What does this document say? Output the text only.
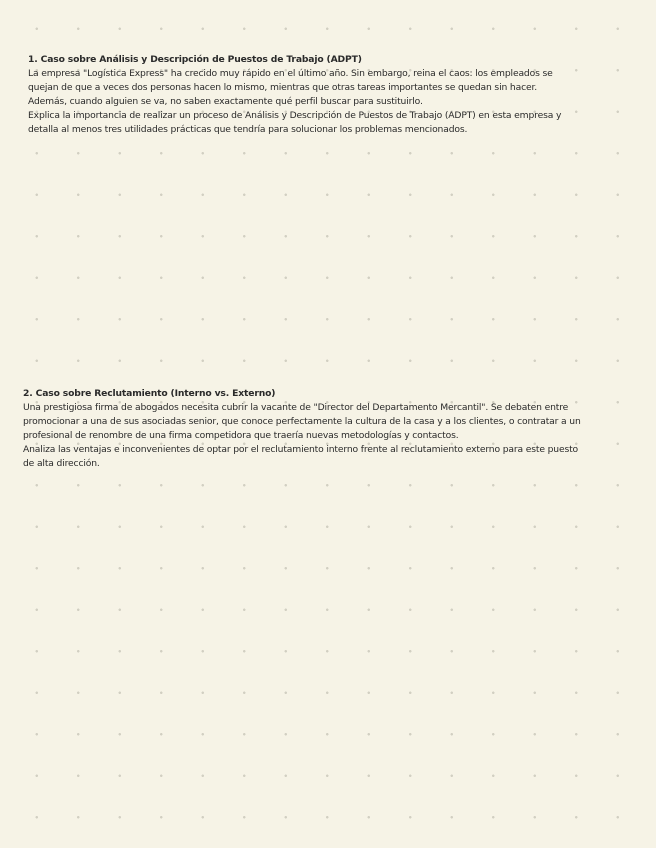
1. Caso sobre Análisis y Descripción de Puestos de Trabajo (ADPT)
La empresa "Logística Express" ha crecido muy rápido en el último año. Sin embargo, reina el caos: los empleados se
quejan de que a veces dos personas hacen lo mismo, mientras que otras tareas importantes se quedan sin hacer.
Además, cuando alguien se va, no saben exactamente qué perfil buscar para sustituirlo.
Explica la importancia de realizar un proceso de Análisis y Descripción de Puestos de Trabajo (ADPT) en esta empresa y
detalla al menos tres utilidades prácticas que tendría para solucionar los problemas mencionados.
2. Caso sobre Reclutamiento (Interno vs. Externo)
Una prestigiosa firma de abogados necesita cubrir la vacante de "Director del Departamento Mercantil". Se debaten entre
promocionar a una de sus asociadas senior, que conoce perfectamente la cultura de la casa y a los clientes, o contratar a un
profesional de renombre de una firma competidora que traería nuevas metodologías y contactos.
Analiza las ventajas e inconvenientes de optar por el reclutamiento interno frente al reclutamiento externo para este puesto
de alta dirección.
